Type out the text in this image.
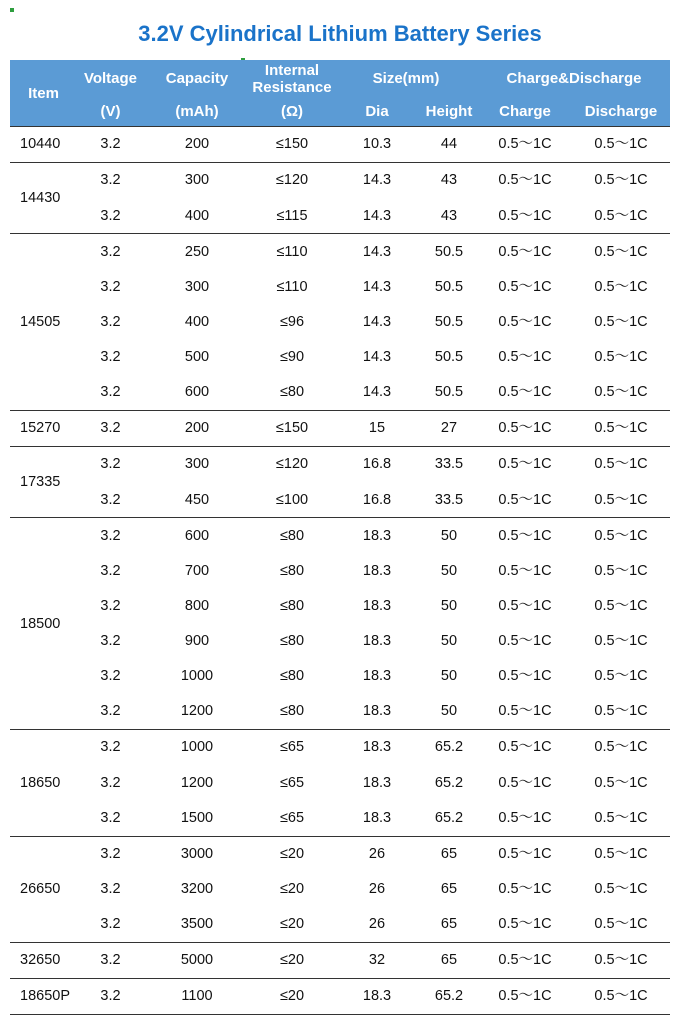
3.2V Cylindrical Lithium Battery Series
Item	Voltage	Capacity	Internal Resistance	Size(mm)		Charge&Discharge	
	(V)	(mAh)	(Ω)	Dia	Height	Charge	Discharge
10440	3.2	200	≤150	10.3	44	0.5～1C	0.5～1C
14430	3.2	300	≤120	14.3	43	0.5～1C	0.5～1C
	3.2	400	≤115	14.3	43	0.5～1C	0.5～1C
14505	3.2	250	≤110	14.3	50.5	0.5～1C	0.5～1C
	3.2	300	≤110	14.3	50.5	0.5～1C	0.5～1C
	3.2	400	≤96	14.3	50.5	0.5～1C	0.5～1C
	3.2	500	≤90	14.3	50.5	0.5～1C	0.5～1C
	3.2	600	≤80	14.3	50.5	0.5～1C	0.5～1C
15270	3.2	200	≤150	15	27	0.5～1C	0.5～1C
17335	3.2	300	≤120	16.8	33.5	0.5～1C	0.5～1C
	3.2	450	≤100	16.8	33.5	0.5～1C	0.5～1C
18500	3.2	600	≤80	18.3	50	0.5～1C	0.5～1C
	3.2	700	≤80	18.3	50	0.5～1C	0.5～1C
	3.2	800	≤80	18.3	50	0.5～1C	0.5～1C
	3.2	900	≤80	18.3	50	0.5～1C	0.5～1C
	3.2	1000	≤80	18.3	50	0.5～1C	0.5～1C
	3.2	1200	≤80	18.3	50	0.5～1C	0.5～1C
18650	3.2	1000	≤65	18.3	65.2	0.5～1C	0.5～1C
	3.2	1200	≤65	18.3	65.2	0.5～1C	0.5～1C
	3.2	1500	≤65	18.3	65.2	0.5～1C	0.5～1C
26650	3.2	3000	≤20	26	65	0.5～1C	0.5～1C
	3.2	3200	≤20	26	65	0.5～1C	0.5～1C
	3.2	3500	≤20	26	65	0.5～1C	0.5～1C
32650	3.2	5000	≤20	32	65	0.5～1C	0.5～1C
18650P	3.2	1100	≤20	18.3	65.2	0.5～1C	0.5～1C
